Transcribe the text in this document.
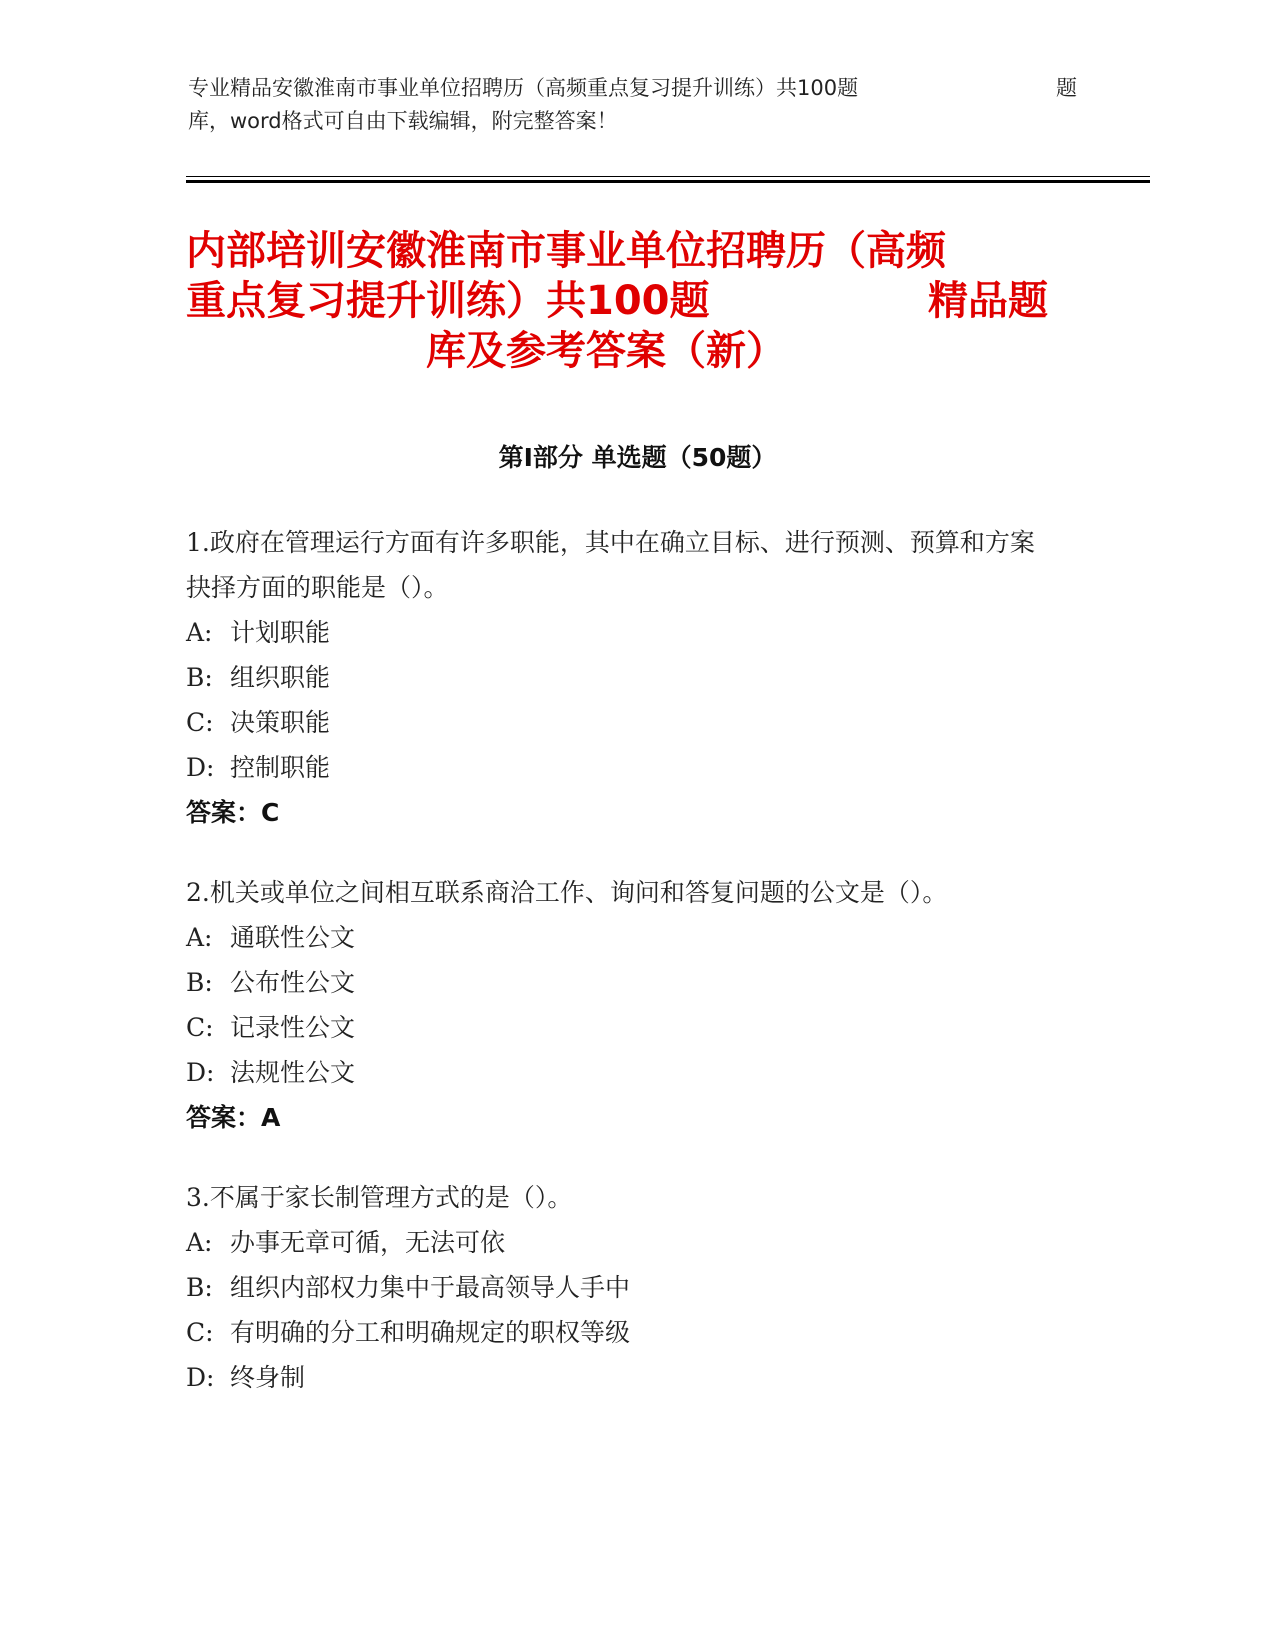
专业精品安徽淮南市事业单位招聘历（高频重点复习提升训练）共100题	题
库，word格式可自由下载编辑，附完整答案！
内部培训安徽淮南市事业单位招聘历（高频
重点复习提升训练）共100题	精品题
库及参考答案（新）
第Ⅰ部分 单选题（50题）
1.政府在管理运行方面有许多职能，其中在确立目标、进行预测、预算和方案抉择方面的职能是（）。
A: 计划职能
B: 组织职能
C: 决策职能
D: 控制职能
答案：C
2.机关或单位之间相互联系商洽工作、询问和答复问题的公文是（）。
A: 通联性公文
B: 公布性公文
C: 记录性公文
D: 法规性公文
答案：A
3.不属于家长制管理方式的是（）。
A: 办事无章可循，无法可依
B: 组织内部权力集中于最高领导人手中
C: 有明确的分工和明确规定的职权等级
D: 终身制
